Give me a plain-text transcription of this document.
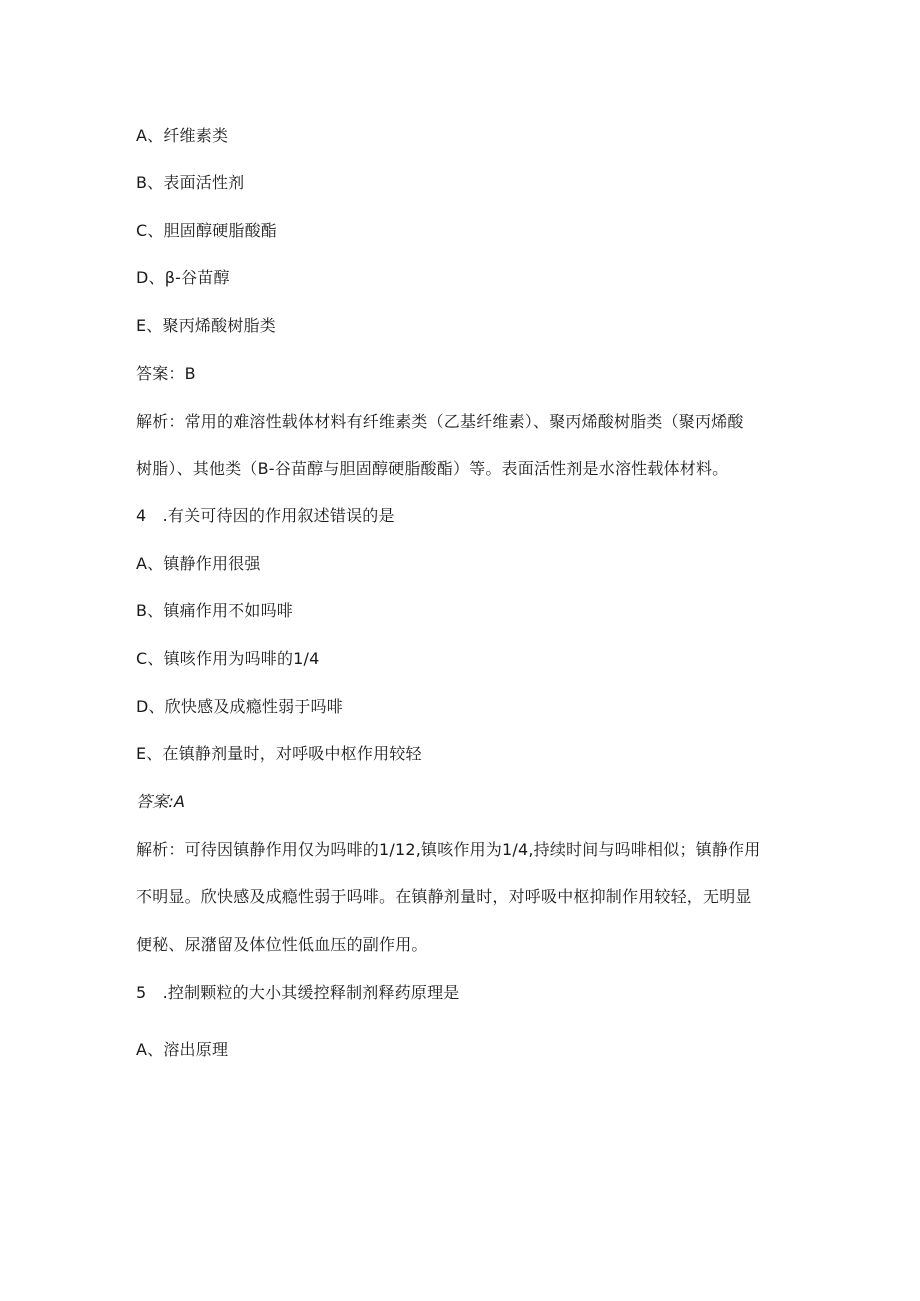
A、纤维素类
B、表面活性剂
C、胆固醇硬脂酸酯
D、β-谷苗醇
E、聚丙烯酸树脂类
答案：B
解析：常用的难溶性载体材料有纤维素类（乙基纤维素）、聚丙烯酸树脂类（聚丙烯酸
树脂）、其他类（B-谷苗醇与胆固醇硬脂酸酯）等。表面活性剂是水溶性载体材料。
4　.有关可待因的作用叙述错误的是
A、镇静作用很强
B、镇痛作用不如吗啡
C、镇咳作用为吗啡的1/4
D、欣快感及成瘾性弱于吗啡
E、在镇静剂量时，对呼吸中枢作用较轻
答案:A
解析：可待因镇静作用仅为吗啡的1/12,镇咳作用为1/4,持续时间与吗啡相似；镇静作用
不明显。欣快感及成瘾性弱于吗啡。在镇静剂量时，对呼吸中枢抑制作用较轻，无明显
便秘、尿潴留及体位性低血压的副作用。
5　.控制颗粒的大小其缓控释制剂释药原理是
A、溶出原理
